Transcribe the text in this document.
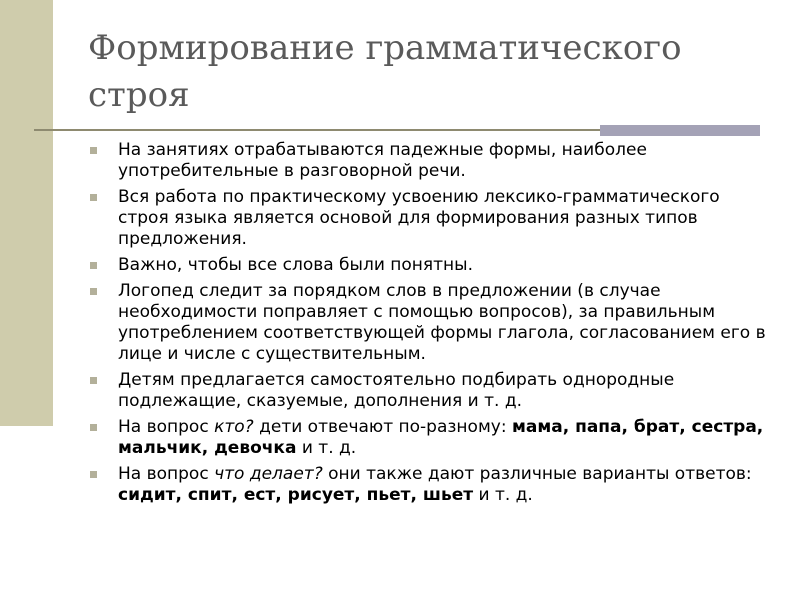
Формирование грамматического строя
На занятиях отрабатываются падежные формы, наиболее употребительные в разговорной речи.
Вся работа по практическому усвоению лексико-грамматического строя языка является основой для формирования разных типов предложения.
Важно, чтобы все слова были понятны.
Логопед следит за порядком слов в предложении (в случае необходимости поправляет с помощью вопросов), за правильным употреблением соответствующей формы глагола, согласованием его в лице и числе с существительным.
Детям предлагается самостоятельно подбирать однородные подлежащие, сказуемые, дополнения и т. д.
На вопрос кто? дети отвечают по-разному: мама, папа, брат, сестра, мальчик, девочка и т. д.
На вопрос что делает? они также дают различные варианты ответов: сидит, спит, ест, рисует, пьет, шьет и т. д.
